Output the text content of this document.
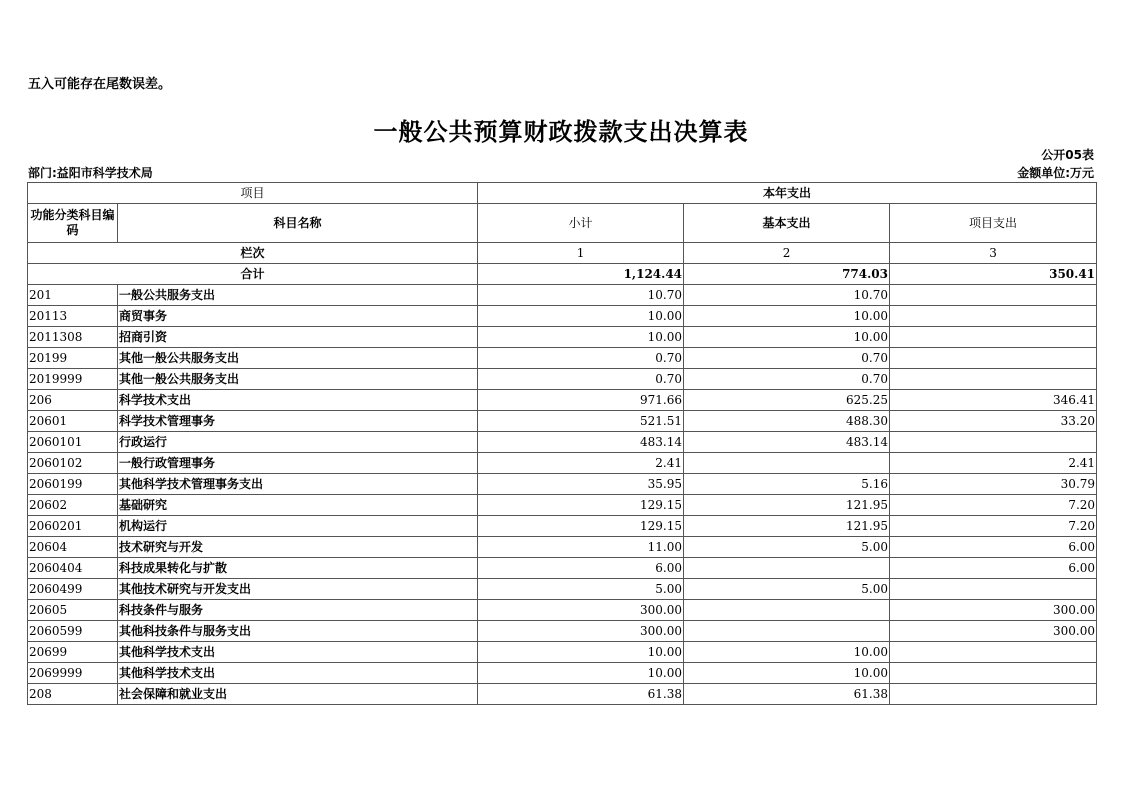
五入可能存在尾数误差。
一般公共预算财政拨款支出决算表
公开05表
部门:益阳市科学技术局	金额单位:万元
项目		本年支出		
功能分类科目编码	科目名称	小计	基本支出	项目支出
栏次		1	2	3
合计		1,124.44	774.03	350.41
201	一般公共服务支出	10.70	10.70	
20113	商贸事务	10.00	10.00	
2011308	招商引资	10.00	10.00	
20199	其他一般公共服务支出	0.70	0.70	
2019999	其他一般公共服务支出	0.70	0.70	
206	科学技术支出	971.66	625.25	346.41
20601	科学技术管理事务	521.51	488.30	33.20
2060101	行政运行	483.14	483.14	
2060102	一般行政管理事务	2.41		2.41
2060199	其他科学技术管理事务支出	35.95	5.16	30.79
20602	基础研究	129.15	121.95	7.20
2060201	机构运行	129.15	121.95	7.20
20604	技术研究与开发	11.00	5.00	6.00
2060404	科技成果转化与扩散	6.00		6.00
2060499	其他技术研究与开发支出	5.00	5.00	
20605	科技条件与服务	300.00		300.00
2060599	其他科技条件与服务支出	300.00		300.00
20699	其他科学技术支出	10.00	10.00	
2069999	其他科学技术支出	10.00	10.00	
208	社会保障和就业支出	61.38	61.38	
